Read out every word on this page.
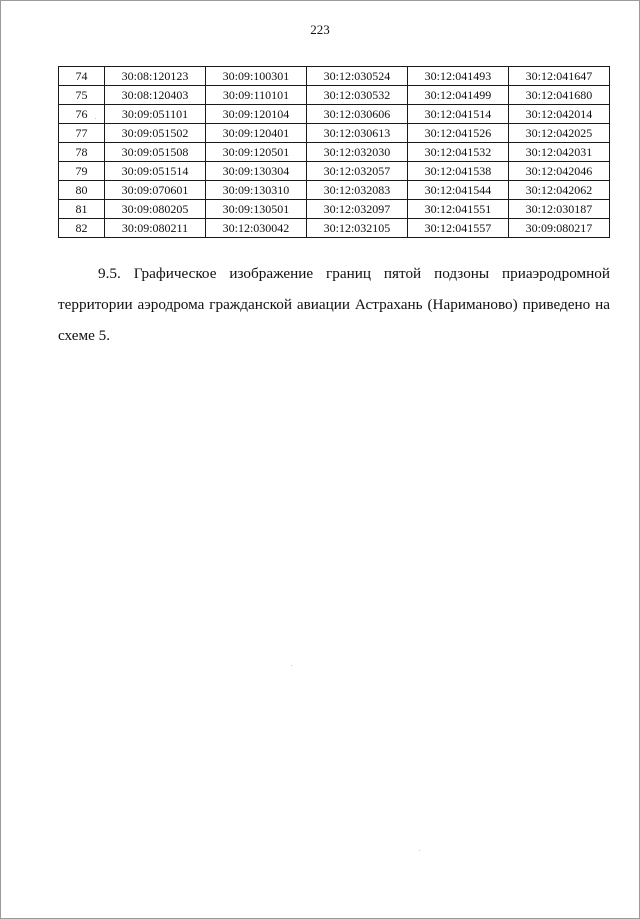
223
74	30:08:120123	30:09:100301	30:12:030524	30:12:041493	30:12:041647
75	30:08:120403	30:09:110101	30:12:030532	30:12:041499	30:12:041680
76	30:09:051101	30:09:120104	30:12:030606	30:12:041514	30:12:042014
77	30:09:051502	30:09:120401	30:12:030613	30:12:041526	30:12:042025
78	30:09:051508	30:09:120501	30:12:032030	30:12:041532	30:12:042031
79	30:09:051514	30:09:130304	30:12:032057	30:12:041538	30:12:042046
80	30:09:070601	30:09:130310	30:12:032083	30:12:041544	30:12:042062
81	30:09:080205	30:09:130501	30:12:032097	30:12:041551	30:12:030187
82	30:09:080211	30:12:030042	30:12:032105	30:12:041557	30:09:080217

9.5. Графическое изображение границ пятой подзоны приаэродромной территории аэродрома гражданской авиации Астрахань (Нариманово) приведено на схеме 5.
